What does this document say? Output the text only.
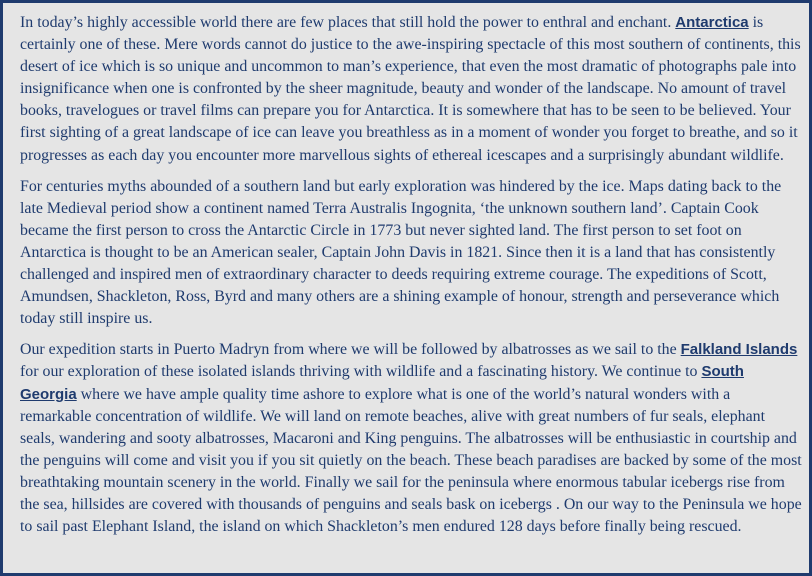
In today’s highly accessible world there are few places that still hold the power to enthral and enchant. Antarctica is certainly one of these. Mere words cannot do justice to the awe-inspiring spectacle of this most southern of continents, this desert of ice which is so unique and uncommon to man’s experience, that even the most dramatic of photographs pale into insignificance when one is confronted by the sheer magnitude, beauty and wonder of the landscape. No amount of travel books, travelogues or travel films can prepare you for Antarctica. It is somewhere that has to be seen to be believed. Your first sighting of a great landscape of ice can leave you breathless as in a moment of wonder you forget to breathe, and so it progresses as each day you encounter more marvellous sights of ethereal icescapes and a surprisingly abundant wildlife.

For centuries myths abounded of a southern land but early exploration was hindered by the ice. Maps dating back to the late Medieval period show a continent named Terra Australis Ingognita, ‘the unknown southern land’. Captain Cook became the first person to cross the Antarctic Circle in 1773 but never sighted land. The first person to set foot on Antarctica is thought to be an American sealer, Captain John Davis in 1821. Since then it is a land that has consistently challenged and inspired men of extraordinary character to deeds requiring extreme courage. The expeditions of Scott, Amundsen, Shackleton, Ross, Byrd and many others are a shining example of honour, strength and perseverance which today still inspire us.

Our expedition starts in Puerto Madryn from where we will be followed by albatrosses as we sail to the Falkland Islands for our exploration of these isolated islands thriving with wildlife and a fascinating history. We continue to South Georgia where we have ample quality time ashore to explore what is one of the world’s natural wonders with a remarkable concentration of wildlife. We will land on remote beaches, alive with great numbers of fur seals, elephant seals, wandering and sooty albatrosses, Macaroni and King penguins. The albatrosses will be enthusiastic in courtship and the penguins will come and visit you if you sit quietly on the beach. These beach paradises are backed by some of the most breathtaking mountain scenery in the world. Finally we sail for the peninsula where enormous tabular icebergs rise from the sea, hillsides are covered with thousands of penguins and seals bask on icebergs . On our way to the Peninsula we hope to sail past Elephant Island, the island on which Shackleton’s men endured 128 days before finally being rescued.
